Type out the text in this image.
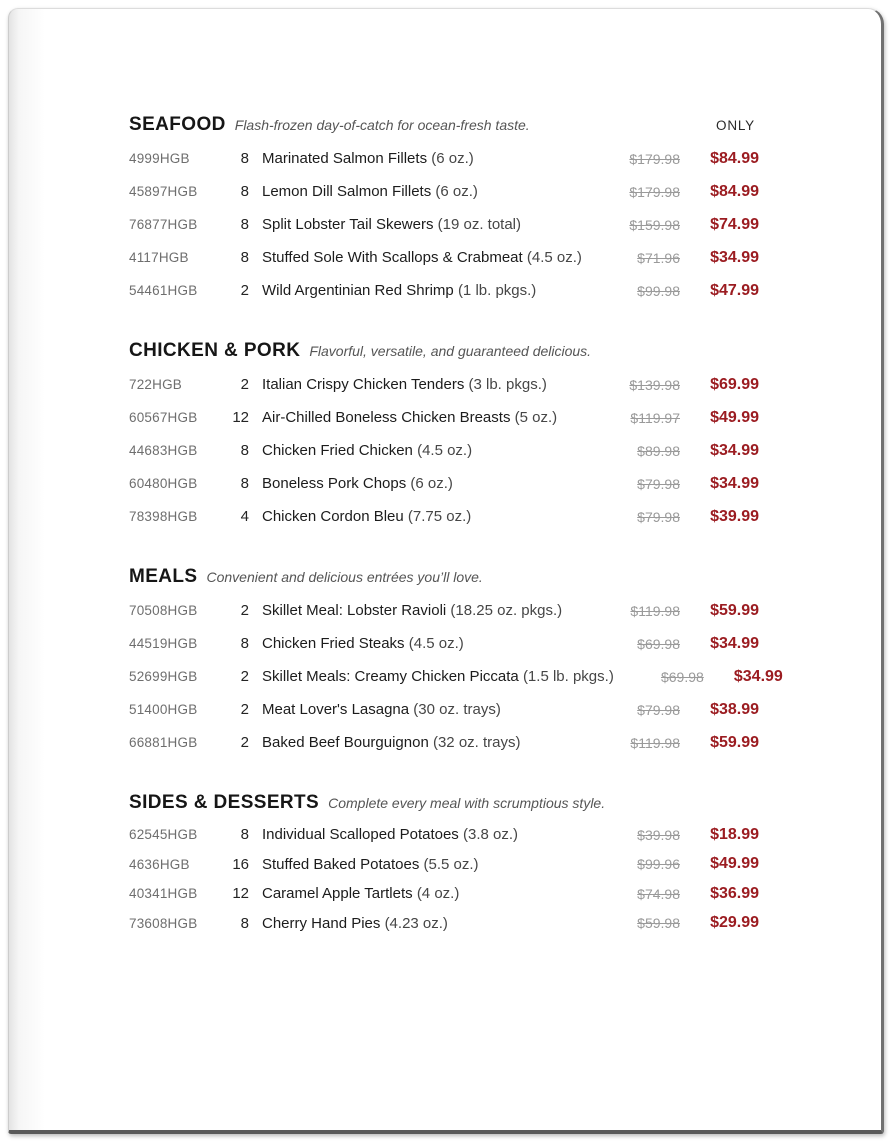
SEAFOOD Flash-frozen day-of-catch for ocean-fresh taste.	ONLY
4999HGB	8 Marinated Salmon Fillets (6 oz.)	$179.98	$84.99
45897HGB	8 Lemon Dill Salmon Fillets (6 oz.)	$179.98	$84.99
76877HGB	8 Split Lobster Tail Skewers (19 oz. total)	$159.98	$74.99
4117HGB	8 Stuffed Sole With Scallops & Crabmeat (4.5 oz.)	$71.96	$34.99
54461HGB	2 Wild Argentinian Red Shrimp (1 lb. pkgs.)	$99.98	$47.99
CHICKEN & PORK Flavorful, versatile, and guaranteed delicious.
722HGB	2 Italian Crispy Chicken Tenders (3 lb. pkgs.)	$139.98	$69.99
60567HGB	12 Air-Chilled Boneless Chicken Breasts (5 oz.)	$119.97	$49.99
44683HGB	8 Chicken Fried Chicken (4.5 oz.)	$89.98	$34.99
60480HGB	8 Boneless Pork Chops (6 oz.)	$79.98	$34.99
78398HGB	4 Chicken Cordon Bleu (7.75 oz.)	$79.98	$39.99
MEALS Convenient and delicious entrées you’ll love.
70508HGB	2 Skillet Meal: Lobster Ravioli (18.25 oz. pkgs.)	$119.98	$59.99
44519HGB	8 Chicken Fried Steaks (4.5 oz.)	$69.98	$34.99
52699HGB	2 Skillet Meals: Creamy Chicken Piccata (1.5 lb. pkgs.)	$69.98	$34.99
51400HGB	2 Meat Lover's Lasagna (30 oz. trays)	$79.98	$38.99
66881HGB	2 Baked Beef Bourguignon (32 oz. trays)	$119.98	$59.99
SIDES & DESSERTS Complete every meal with scrumptious style.
62545HGB	8 Individual Scalloped Potatoes (3.8 oz.)	$39.98	$18.99
4636HGB	16 Stuffed Baked Potatoes (5.5 oz.)	$99.96	$49.99
40341HGB	12 Caramel Apple Tartlets (4 oz.)	$74.98	$36.99
73608HGB	8 Cherry Hand Pies (4.23 oz.)	$59.98	$29.99
